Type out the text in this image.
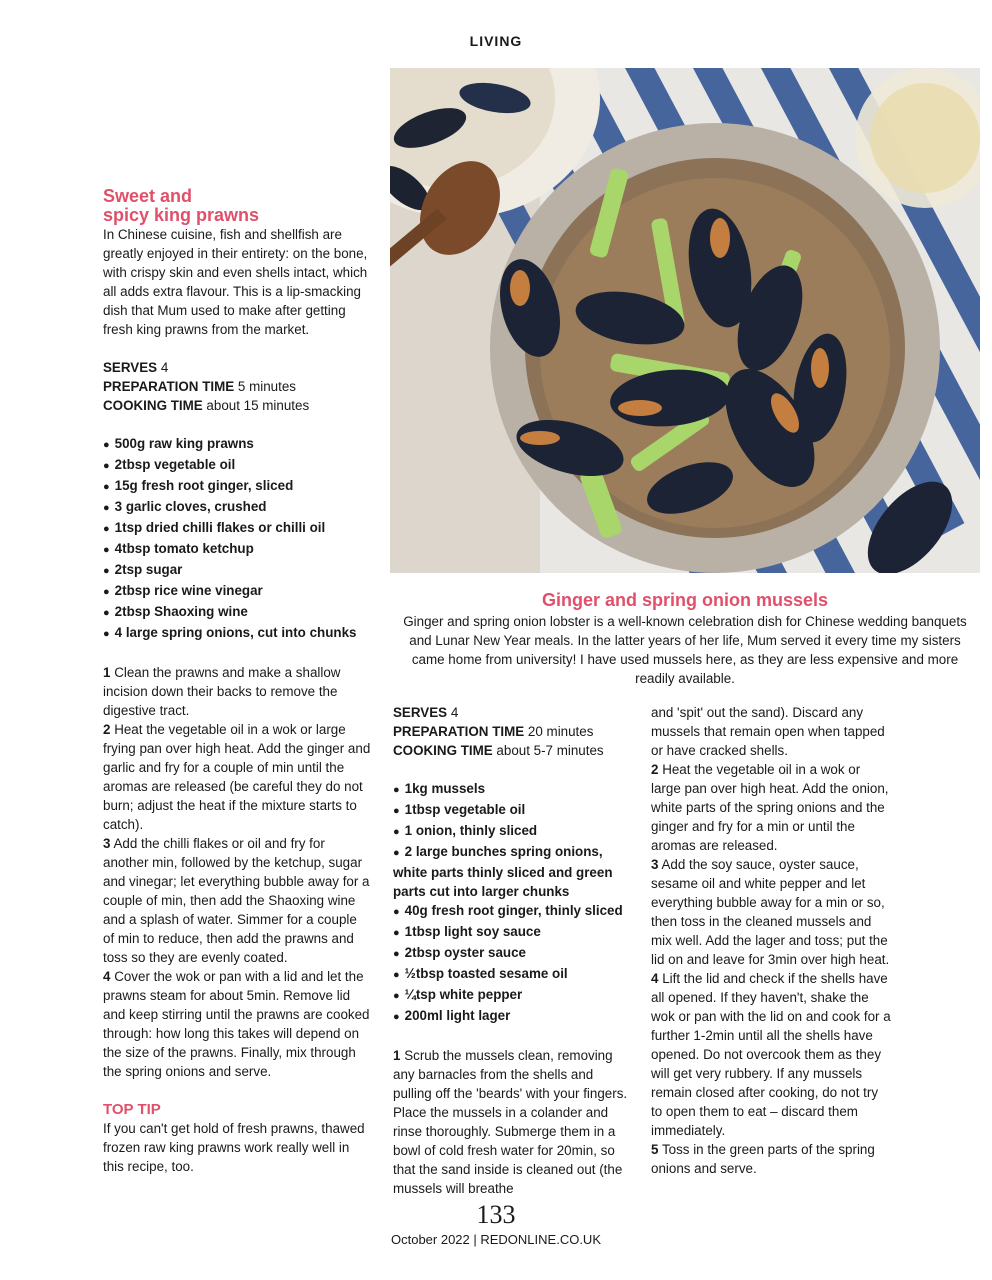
LIVING

Sweet and

spicy king prawns

In Chinese cuisine, fish and shellfish are greatly enjoyed in their entirety: on the bone, with crispy skin and even shells intact, which all adds extra flavour. This is a lip-smacking dish that Mum used to make after getting fresh king prawns from the market.

SERVES 4

PREPARATION TIME 5 minutes

COOKING TIME about 15 minutes

● 500g raw king prawns
● 2tbsp vegetable oil
● 15g fresh root ginger, sliced
● 3 garlic cloves, crushed
● 1tsp dried chilli flakes or chilli oil
● 4tbsp tomato ketchup
● 2tsp sugar
● 2tbsp rice wine vinegar
● 2tbsp Shaoxing wine
● 4 large spring onions, cut into chunks

1 Clean the prawns and make a shallow incision down their backs to remove the digestive tract.

2 Heat the vegetable oil in a wok or large frying pan over high heat. Add the ginger and garlic and fry for a couple of min until the aromas are released (be careful they do not burn; adjust the heat if the mixture starts to catch).

3 Add the chilli flakes or oil and fry for another min, followed by the ketchup, sugar and vinegar; let everything bubble away for a couple of min, then add the Shaoxing wine and a splash of water. Simmer for a couple of min to reduce, then add the prawns and toss so they are evenly coated.

4 Cover the wok or pan with a lid and let the prawns steam for about 5min. Remove lid and keep stirring until the prawns are cooked through: how long this takes will depend on the size of the prawns. Finally, mix through the spring onions and serve.

TOP TIP

If you can't get hold of fresh prawns, thawed frozen raw king prawns work really well in this recipe, too.

Ginger and spring onion mussels

Ginger and spring onion lobster is a well-known celebration dish for Chinese wedding banquets and Lunar New Year meals. In the latter years of her life, Mum served it every time my sisters came home from university! I have used mussels here, as they are less expensive and more readily available.

SERVES 4

PREPARATION TIME 20 minutes

COOKING TIME about 5-7 minutes

● 1kg mussels
● 1tbsp vegetable oil
● 1 onion, thinly sliced
● 2 large bunches spring onions, white parts thinly sliced and green parts cut into larger chunks
● 40g fresh root ginger, thinly sliced
● 1tbsp light soy sauce
● 2tbsp oyster sauce
● ½tbsp toasted sesame oil
● ¼tsp white pepper
● 200ml light lager

1 Scrub the mussels clean, removing any barnacles from the shells and pulling off the 'beards' with your fingers. Place the mussels in a colander and rinse thoroughly. Submerge them in a bowl of cold fresh water for 20min, so that the sand inside is cleaned out (the mussels will breathe

and 'spit' out the sand). Discard any mussels that remain open when tapped or have cracked shells.

2 Heat the vegetable oil in a wok or large pan over high heat. Add the onion, white parts of the spring onions and the ginger and fry for a min or until the aromas are released.

3 Add the soy sauce, oyster sauce, sesame oil and white pepper and let everything bubble away for a min or so, then toss in the cleaned mussels and mix well. Add the lager and toss; put the lid on and leave for 3min over high heat.

4 Lift the lid and check if the shells have all opened. If they haven't, shake the wok or pan with the lid on and cook for a further 1-2min until all the shells have opened. Do not overcook them as they will get very rubbery. If any mussels remain closed after cooking, do not try to open them to eat – discard them immediately.

5 Toss in the green parts of the spring onions and serve.

133
October 2022 | REDONLINE.CO.UK
